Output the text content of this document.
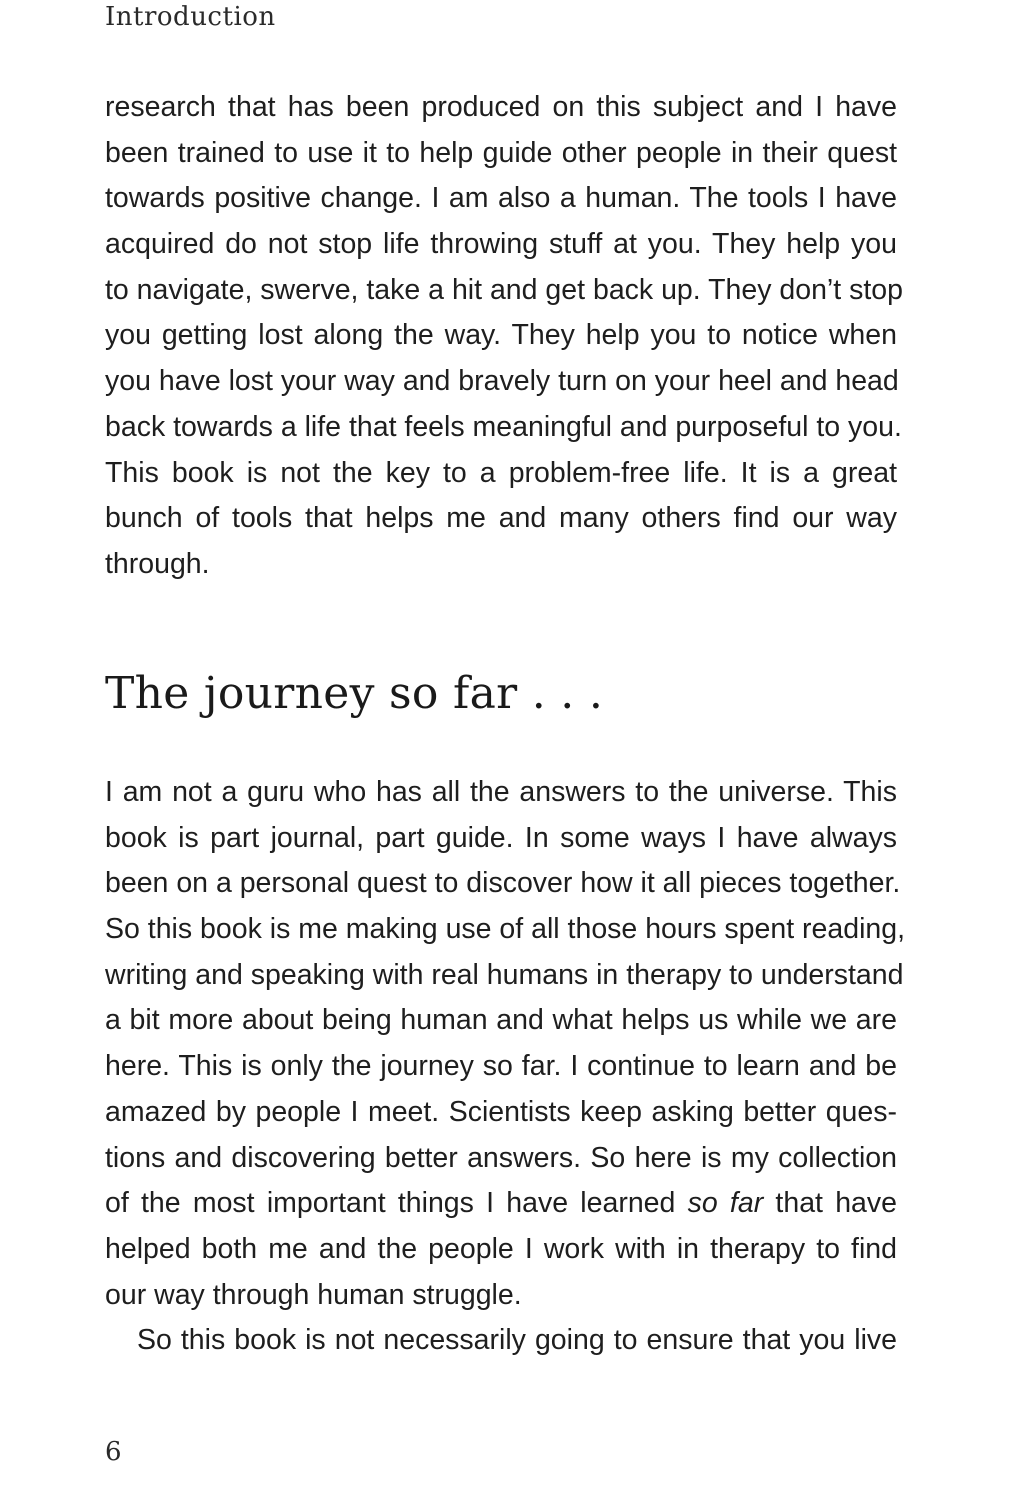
Introduction
research that has been produced on this subject and I have
been trained to use it to help guide other people in their quest
towards positive change. I am also a human. The tools I have
acquired do not stop life throwing stuff at you. They help you
to navigate, swerve, take a hit and get back up. They don’t stop
you getting lost along the way. They help you to notice when
you have lost your way and bravely turn on your heel and head
back towards a life that feels meaningful and purposeful to you.
This book is not the key to a problem-free life. It is a great
bunch of tools that helps me and many others find our way
through.
The journey so far . . .
I am not a guru who has all the answers to the universe. This
book is part journal, part guide. In some ways I have always
been on a personal quest to discover how it all pieces together.
So this book is me making use of all those hours spent reading,
writing and speaking with real humans in therapy to understand
a bit more about being human and what helps us while we are
here. This is only the journey so far. I continue to learn and be
amazed by people I meet. Scientists keep asking better ques-
tions and discovering better answers. So here is my collection
of the most important things I have learned so far that have
helped both me and the people I work with in therapy to find
our way through human struggle.
So this book is not necessarily going to ensure that you live
6
